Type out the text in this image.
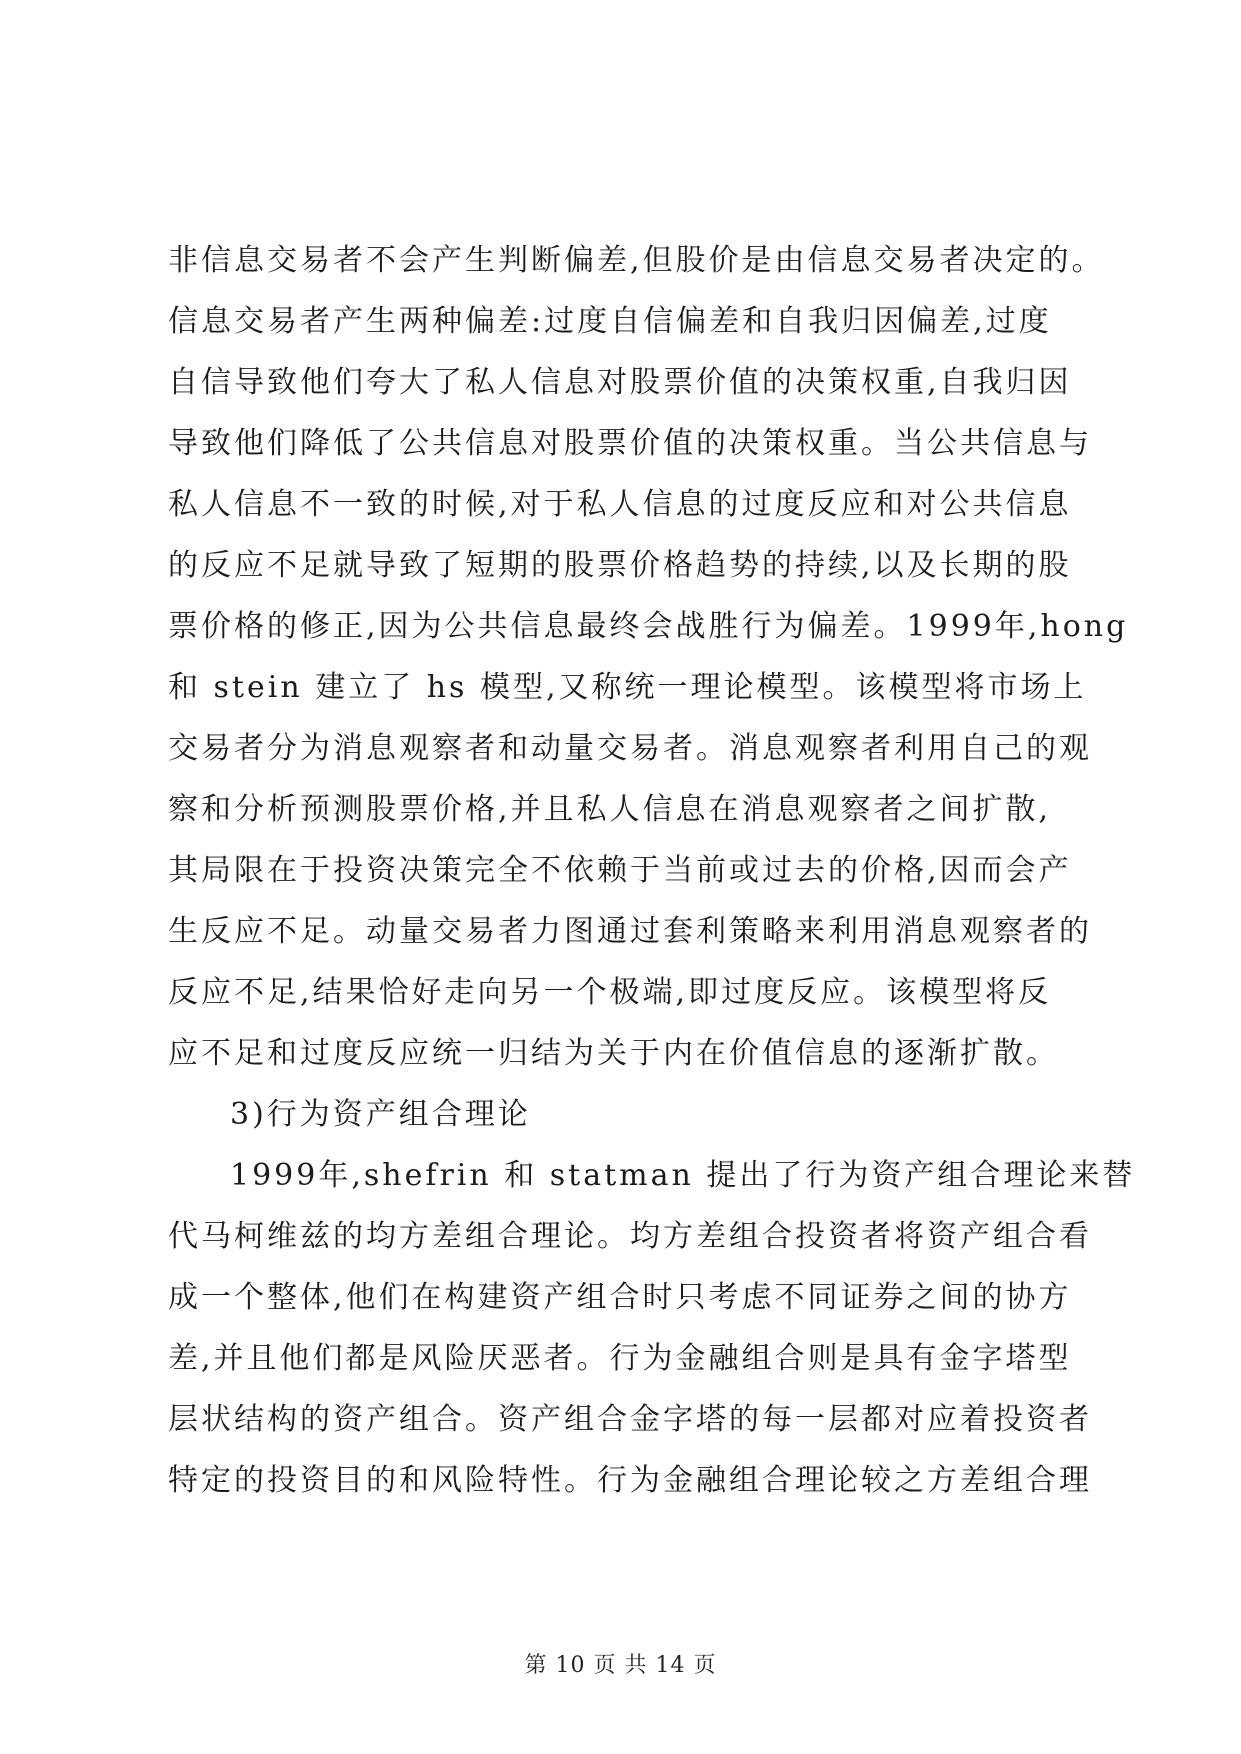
非信息交易者不会产生判断偏差,但股价是由信息交易者决定的。
信息交易者产生两种偏差:过度自信偏差和自我归因偏差,过度
自信导致他们夸大了私人信息对股票价值的决策权重,自我归因
导致他们降低了公共信息对股票价值的决策权重。当公共信息与
私人信息不一致的时候,对于私人信息的过度反应和对公共信息
的反应不足就导致了短期的股票价格趋势的持续,以及长期的股
票价格的修正,因为公共信息最终会战胜行为偏差。1999年,hong
和 stein 建立了 hs 模型,又称统一理论模型。该模型将市场上
交易者分为消息观察者和动量交易者。消息观察者利用自己的观
察和分析预测股票价格,并且私人信息在消息观察者之间扩散,
其局限在于投资决策完全不依赖于当前或过去的价格,因而会产
生反应不足。动量交易者力图通过套利策略来利用消息观察者的
反应不足,结果恰好走向另一个极端,即过度反应。该模型将反
应不足和过度反应统一归结为关于内在价值信息的逐渐扩散。
3)行为资产组合理论
1999年,shefrin 和 statman 提出了行为资产组合理论来替
代马柯维兹的均方差组合理论。均方差组合投资者将资产组合看
成一个整体,他们在构建资产组合时只考虑不同证券之间的协方
差,并且他们都是风险厌恶者。行为金融组合则是具有金字塔型
层状结构的资产组合。资产组合金字塔的每一层都对应着投资者
特定的投资目的和风险特性。行为金融组合理论较之方差组合理
第 10 页 共 14 页
